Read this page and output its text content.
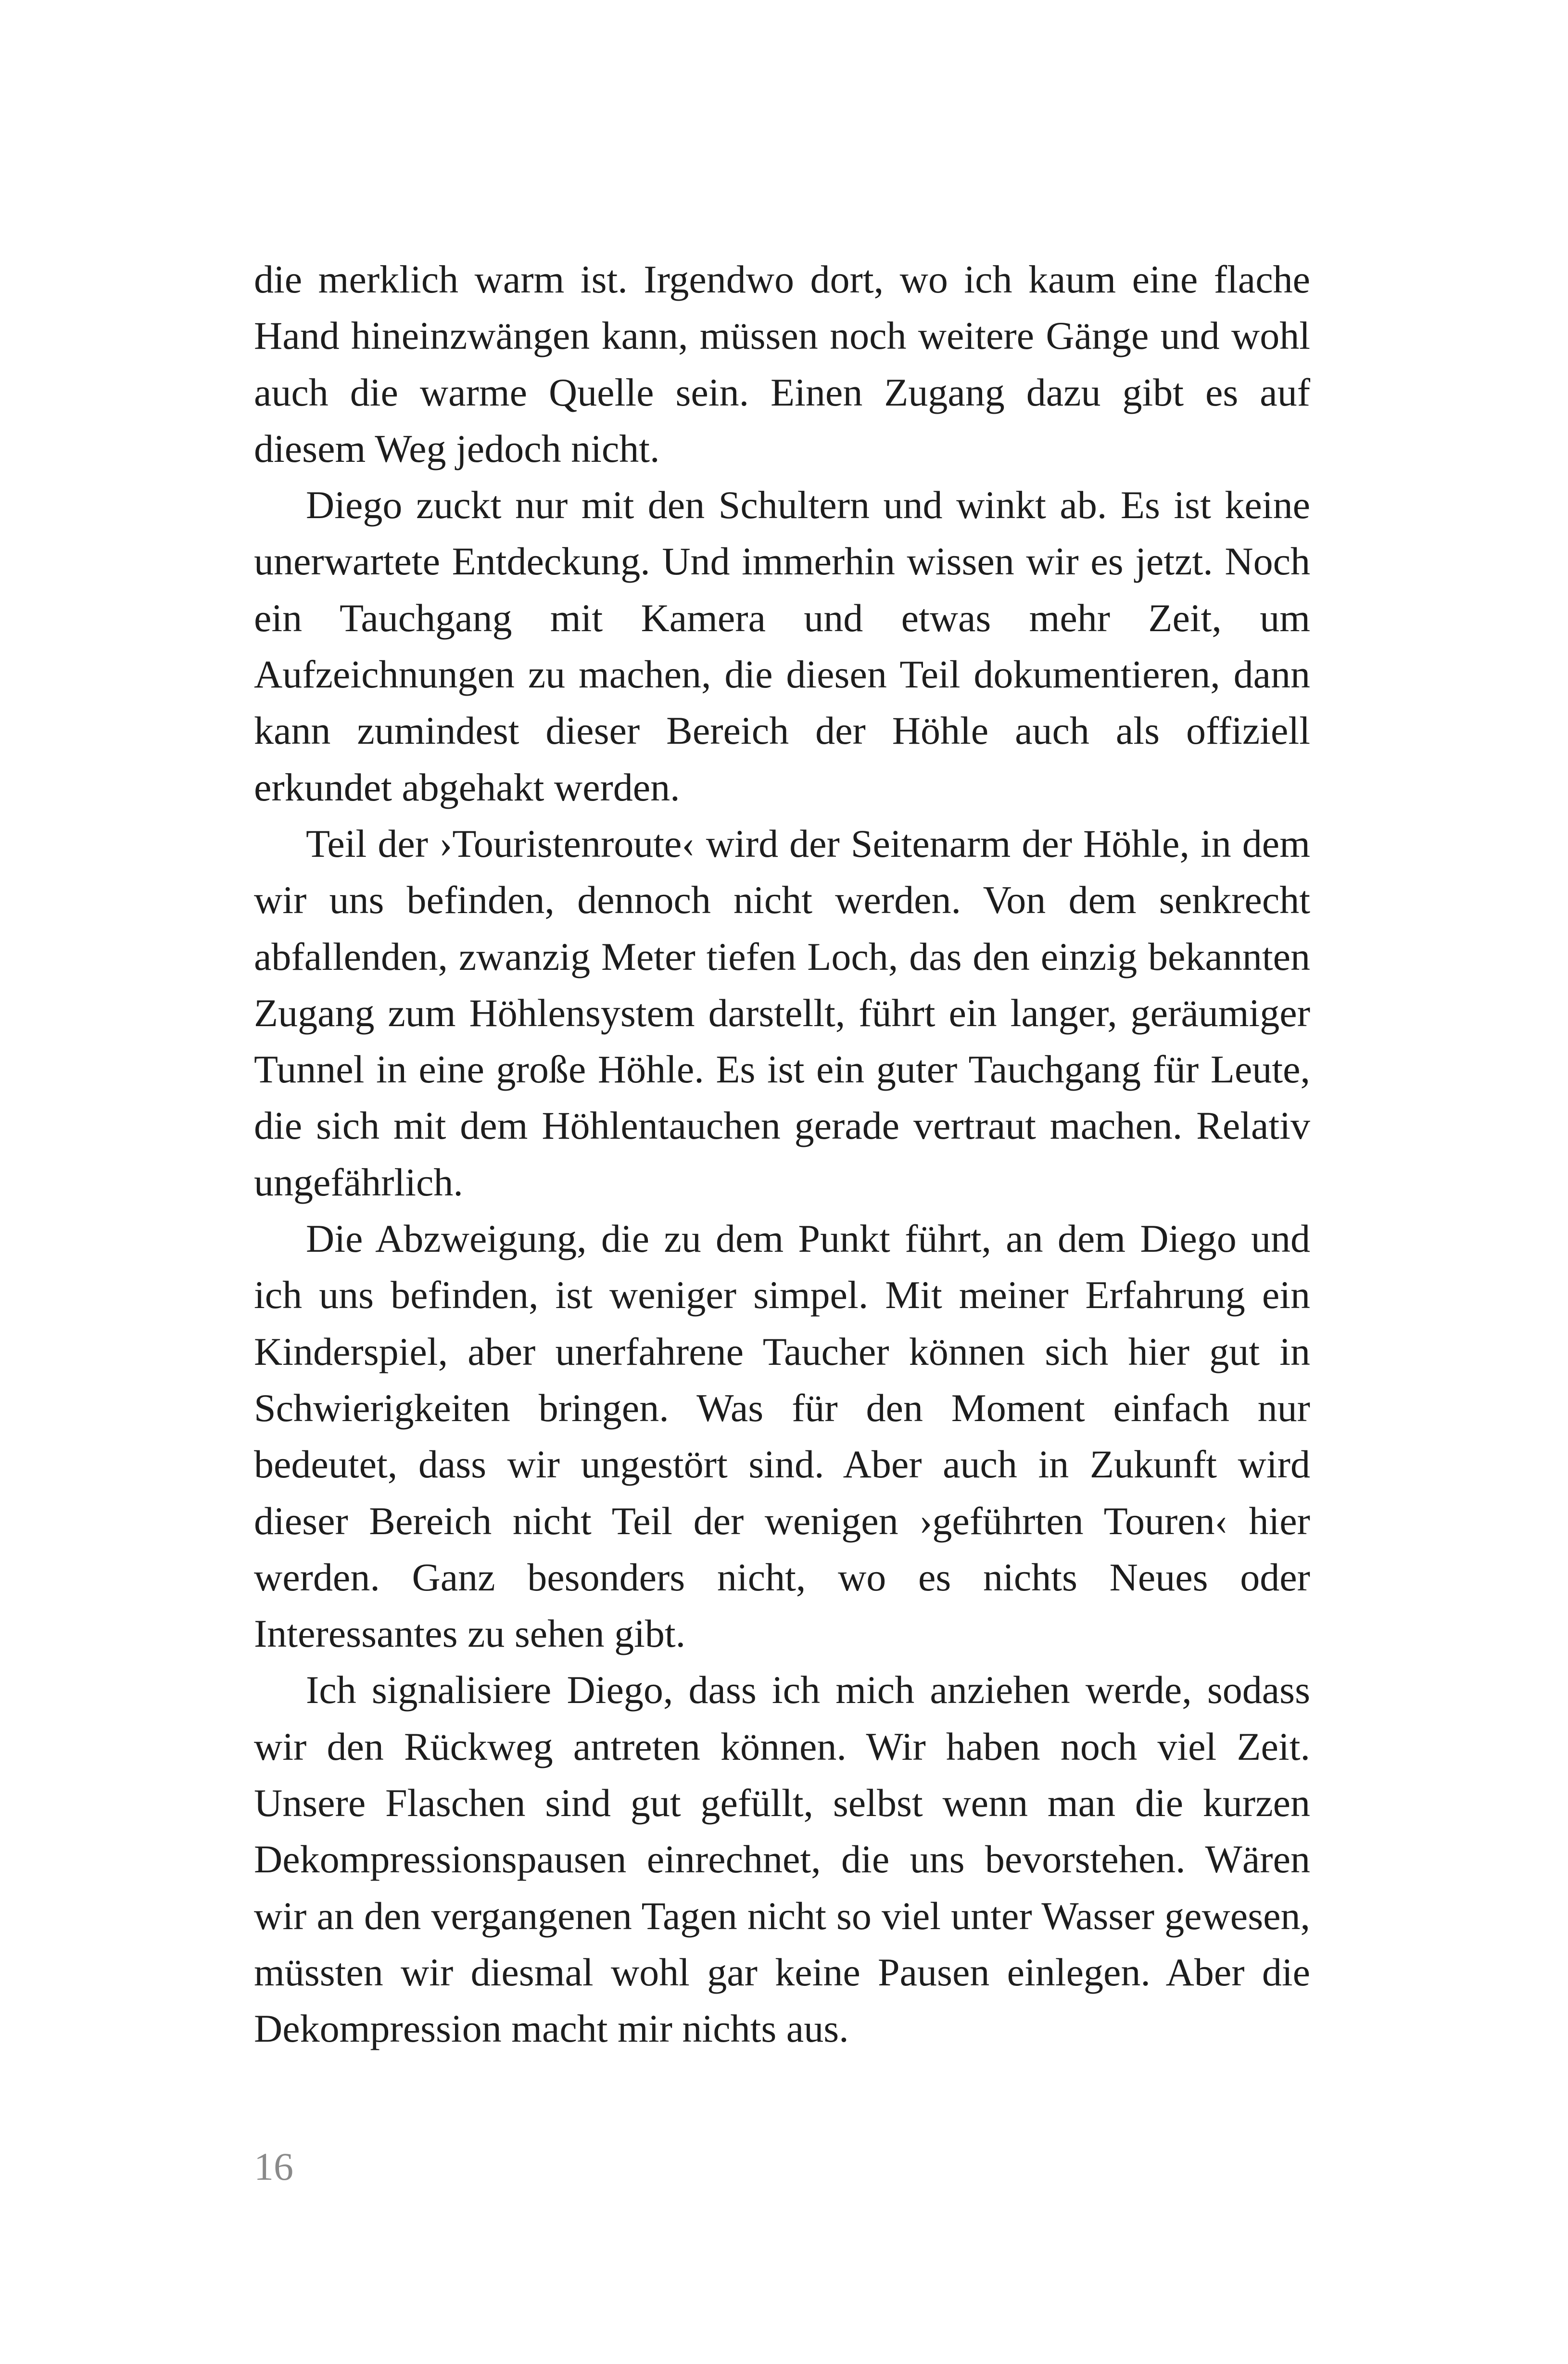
die merklich warm ist. Irgendwo dort, wo ich kaum eine flache Hand hineinzwängen kann, müssen noch weitere Gänge und wohl auch die warme Quelle sein. Einen Zugang dazu gibt es auf diesem Weg jedoch nicht.

Diego zuckt nur mit den Schultern und winkt ab. Es ist keine unerwartete Entdeckung. Und immerhin wissen wir es jetzt. Noch ein Tauchgang mit Kamera und etwas mehr Zeit, um Aufzeichnungen zu machen, die diesen Teil dokumentieren, dann kann zumindest dieser Bereich der Höhle auch als offiziell erkundet abgehakt werden.

Teil der ›Touristenroute‹ wird der Seitenarm der Höhle, in dem wir uns befinden, dennoch nicht werden. Von dem senkrecht abfallenden, zwanzig Meter tiefen Loch, das den einzig bekannten Zugang zum Höhlensystem darstellt, führt ein langer, geräumiger Tunnel in eine große Höhle. Es ist ein guter Tauchgang für Leute, die sich mit dem Höhlentauchen gerade vertraut machen. Relativ ungefährlich.

Die Abzweigung, die zu dem Punkt führt, an dem Diego und ich uns befinden, ist weniger simpel. Mit meiner Erfahrung ein Kinderspiel, aber unerfahrene Taucher können sich hier gut in Schwierigkeiten bringen. Was für den Moment einfach nur bedeutet, dass wir ungestört sind. Aber auch in Zukunft wird dieser Bereich nicht Teil der wenigen ›geführten Touren‹ hier werden. Ganz besonders nicht, wo es nichts Neues oder Interessantes zu sehen gibt.

Ich signalisiere Diego, dass ich mich anziehen werde, sodass wir den Rückweg antreten können. Wir haben noch viel Zeit. Unsere Flaschen sind gut gefüllt, selbst wenn man die kurzen Dekompressionspausen einrechnet, die uns bevorstehen. Wären wir an den vergangenen Tagen nicht so viel unter Wasser gewesen, müssten wir diesmal wohl gar keine Pausen einlegen. Aber die Dekompression macht mir nichts aus.

16
